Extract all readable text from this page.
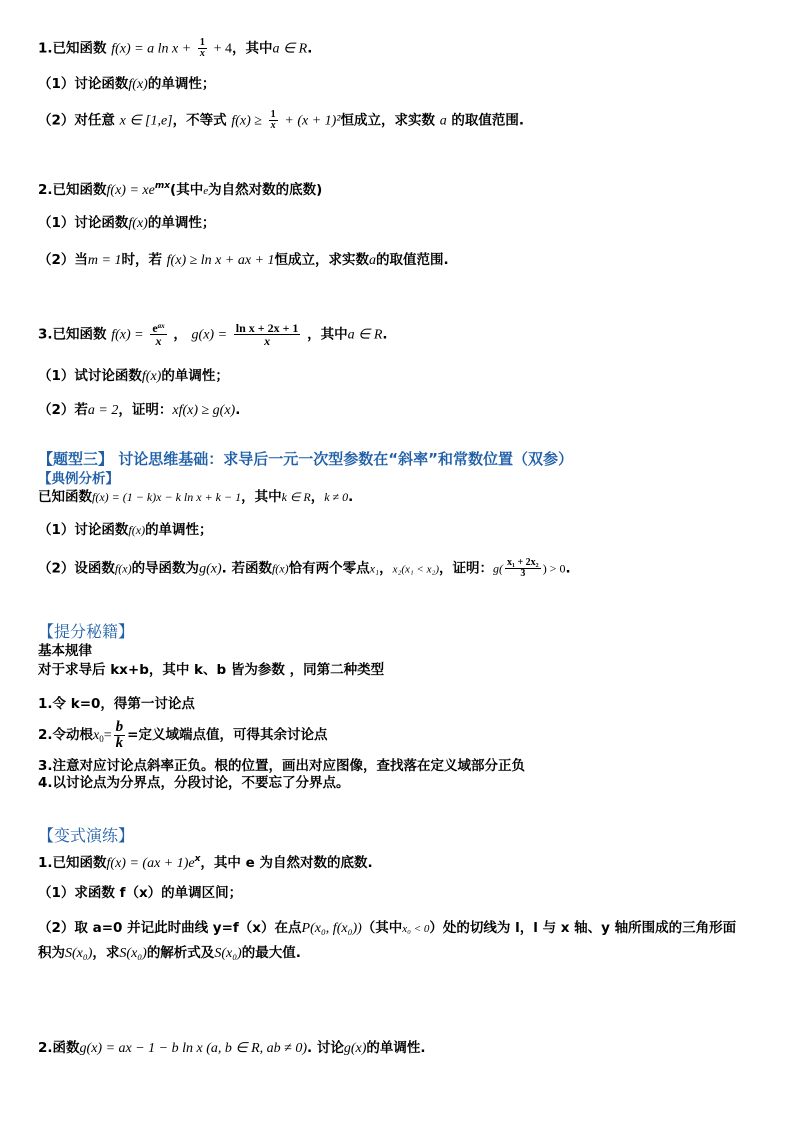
1.已知函数 f(x) = a $\ln x + \frac{1}{x} + 4$，其中a ∈ R.
（1）讨论函数f(x)的单调性；
（2）对任意 x ∈ [1,e]，不等式 $f(x) \ge \frac{1}{x} + (x + 1)^2$恒成立，求实数 a 的取值范围.
2.已知函数$f(x) = xe^{mx}$(其中e为自然对数的底数)
（1）讨论函数f(x)的单调性；
（2）当m = 1时，若 f(x) ≥ ln x + ax + 1恒成立，求实数a的取值范围.
3.已知函数 $f(x) = \frac{e^{ax}}{x}$ ， $g(x) = \frac{\text{ln x + 2x + 1}}{x}$ ，其中a ∈ R.
（1）试讨论函数f(x)的单调性；
（2）若a = 2，证明：xf(x) ≥ g(x).
【题型三】 讨论思维基础：求导后一元一次型参数在“斜率”和常数位置（双参）
【典例分析】
已知函数f(x) = (1 − k)x − k ln x + k − 1，其中k ∈ R，k ≠ 0.
（1）讨论函数f(x)的单调性；
（2）设函数f(x)的导函数为g(x). 若函数f(x)恰有两个零点x₁，x₂(x₁ < x₂)，证明：$g( \frac{\text{x₁ + 2x₂}}{3}$ ) > 0.
【提分秘籍】
基本规律
对于求导后 kx+b，其中 k、b 皆为参数 ，同第二种类型
1.令 k=0，得第一讨论点
2.令动根$x_0= \frac{b}{k}$ =定义域端点值，可得其余讨论点
3.注意对应讨论点斜率正负。根的位置，画出对应图像，查找落在定义域部分正负
4.以讨论点为分界点，分段讨论，不要忘了分界点。
【变式演练】
1.已知函数$f(x) = (ax + 1)e^x$，其中 e 为自然对数的底数.
（1）求函数 f（x）的单调区间；
（2）取 a=0 并记此时曲线 y=f（x）在点P(x₀, f(x₀))（其中x₀ < 0）处的切线为 l，l 与 x 轴、y 轴所围成的三角形面
积为S(x₀)，求S(x₀)的解析式及S(x₀)的最大值.
2.函数g(x) = ax − 1 − b ln x (a, b ∈ R, ab ≠ 0). 讨论g(x)的单调性.
